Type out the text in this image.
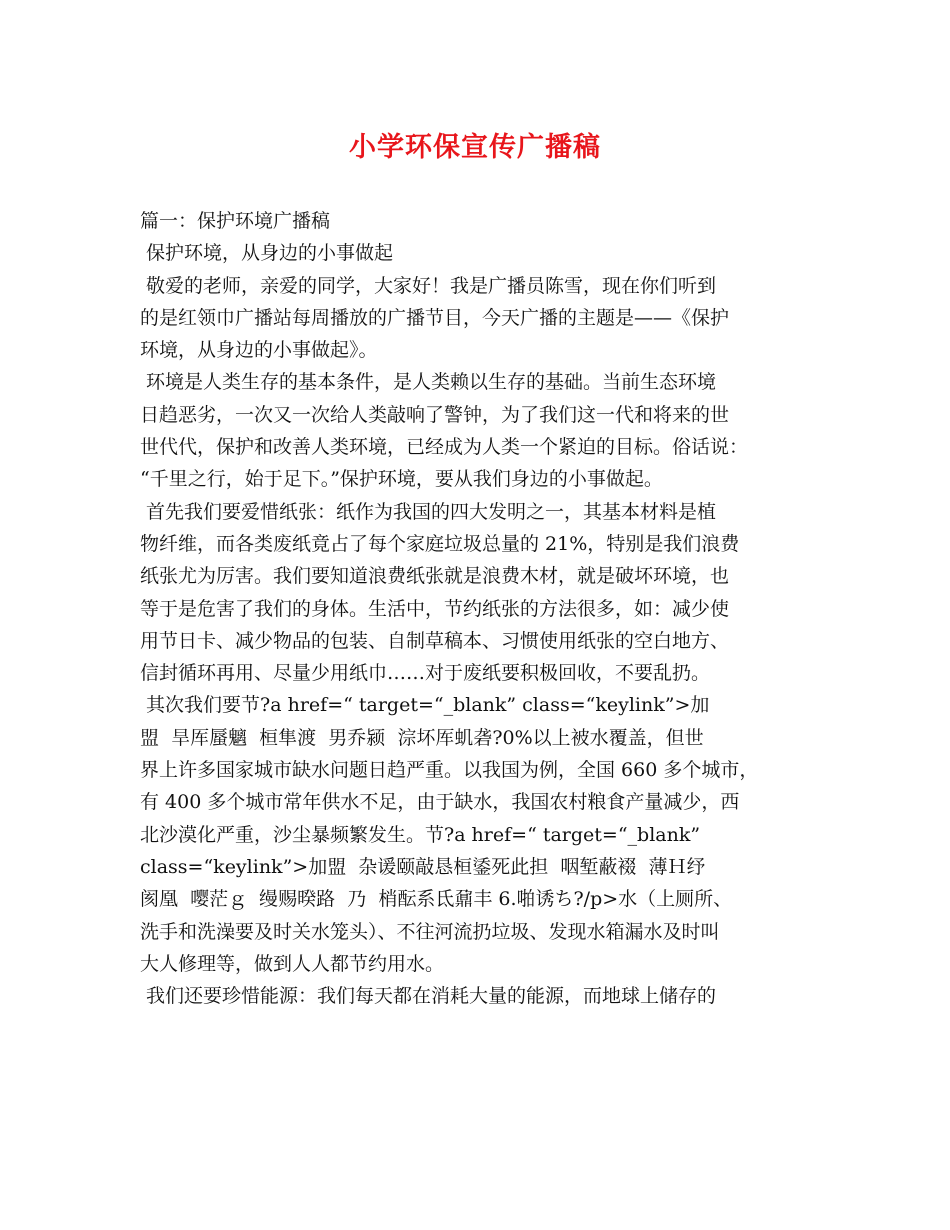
小学环保宣传广播稿
篇一：保护环境广播稿
保护环境，从身边的小事做起
敬爱的老师，亲爱的同学，大家好！我是广播员陈雪，现在你们听到
的是红领巾广播站每周播放的广播节目，今天广播的主题是——《保护
环境，从身边的小事做起》。
环境是人类生存的基本条件，是人类赖以生存的基础。当前生态环境
日趋恶劣，一次又一次给人类敲响了警钟，为了我们这一代和将来的世
世代代，保护和改善人类环境，已经成为人类一个紧迫的目标。俗话说：
“千里之行，始于足下。”保护环境，要从我们身边的小事做起。
首先我们要爱惜纸张：纸作为我国的四大发明之一，其基本材料是植
物纤维，而各类废纸竟占了每个家庭垃圾总量的 21%，特别是我们浪费
纸张尤为厉害。我们要知道浪费纸张就是浪费木材，就是破坏环境，也
等于是危害了我们的身体。生活中，节约纸张的方法很多，如：减少使
用节日卡、减少物品的包装、自制草稿本、习惯使用纸张的空白地方、
信封循环再用、尽量少用纸巾……对于废纸要积极回收，不要乱扔。
其次我们要节?a href=“ target=“_blank” class=“keylink”>加
盟  旱厍蜃魑  桓隼渡  男乔颍  淙坏厍虮砻?0%以上被水覆盖，但世
界上许多国家城市缺水问题日趋严重。以我国为例，全国 660 多个城市，
有 400 多个城市常年供水不足，由于缺水，我国农村粮食产量减少，西
北沙漠化严重，沙尘暴频繁发生。节?a href=“ target=“_blank”
class=“keylink”>加盟  杂谖颐敲恳桓鋈死此担  咽堑蔽裰  薄Ｈ纾
阂凰  嘤茫ｇ  缦赐暌路  乃  梢酝系氐鼐丰 6.啪诱ち?/p>水（上厕所、
洗手和洗澡要及时关水笼头）、不往河流扔垃圾、发现水箱漏水及时叫
大人修理等，做到人人都节约用水。
我们还要珍惜能源：我们每天都在消耗大量的能源，而地球上储存的
